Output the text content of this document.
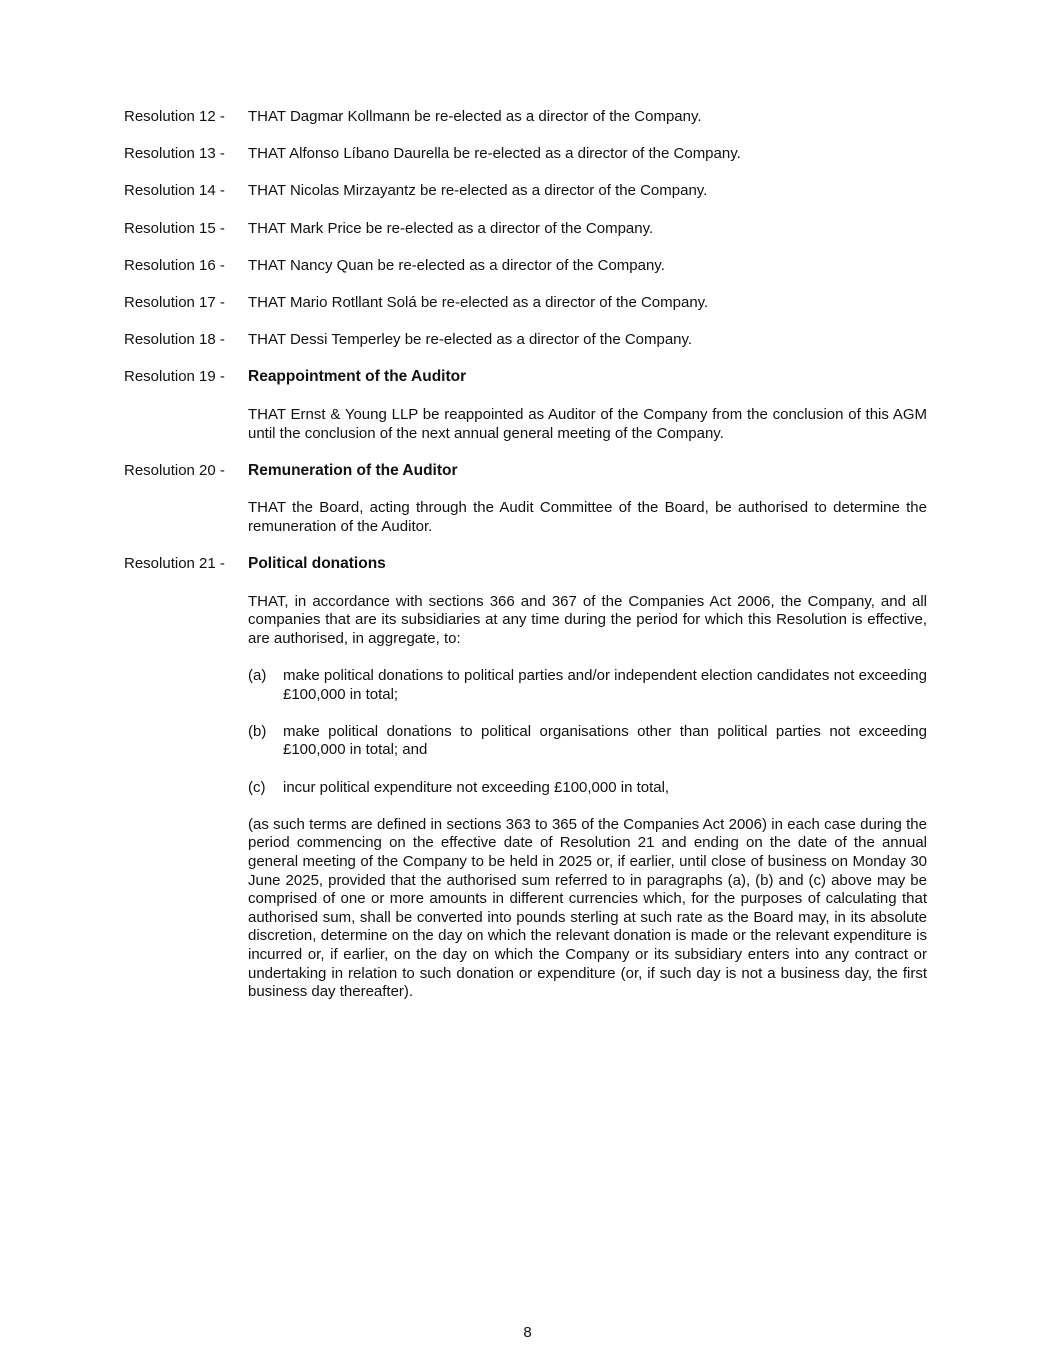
Resolution 12 -	THAT Dagmar Kollmann be re-elected as a director of the Company.
Resolution 13 -	THAT Alfonso Líbano Daurella be re-elected as a director of the Company.
Resolution 14 -	THAT Nicolas Mirzayantz be re-elected as a director of the Company.
Resolution 15 -	THAT Mark Price be re-elected as a director of the Company.
Resolution 16 -	THAT Nancy Quan be re-elected as a director of the Company.
Resolution 17 -	THAT Mario Rotllant Solá be re-elected as a director of the Company.
Resolution 18 -	THAT Dessi Temperley be re-elected as a director of the Company.
Resolution 19 -	Reappointment of the Auditor
THAT Ernst & Young LLP be reappointed as Auditor of the Company from the conclusion of this AGM until the conclusion of the next annual general meeting of the Company.
Resolution 20 -	Remuneration of the Auditor
THAT the Board, acting through the Audit Committee of the Board, be authorised to determine the remuneration of the Auditor.
Resolution 21 -	Political donations
THAT, in accordance with sections 366 and 367 of the Companies Act 2006, the Company, and all companies that are its subsidiaries at any time during the period for which this Resolution is effective, are authorised, in aggregate, to:
(a)	make political donations to political parties and/or independent election candidates not exceeding £100,000 in total;
(b)	make political donations to political organisations other than political parties not exceeding £100,000 in total; and
(c)	incur political expenditure not exceeding £100,000 in total,
(as such terms are defined in sections 363 to 365 of the Companies Act 2006) in each case during the period commencing on the effective date of Resolution 21 and ending on the date of the annual general meeting of the Company to be held in 2025 or, if earlier, until close of business on Monday 30 June 2025, provided that the authorised sum referred to in paragraphs (a), (b) and (c) above may be comprised of one or more amounts in different currencies which, for the purposes of calculating that authorised sum, shall be converted into pounds sterling at such rate as the Board may, in its absolute discretion, determine on the day on which the relevant donation is made or the relevant expenditure is incurred or, if earlier, on the day on which the Company or its subsidiary enters into any contract or undertaking in relation to such donation or expenditure (or, if such day is not a business day, the first business day thereafter).
8
